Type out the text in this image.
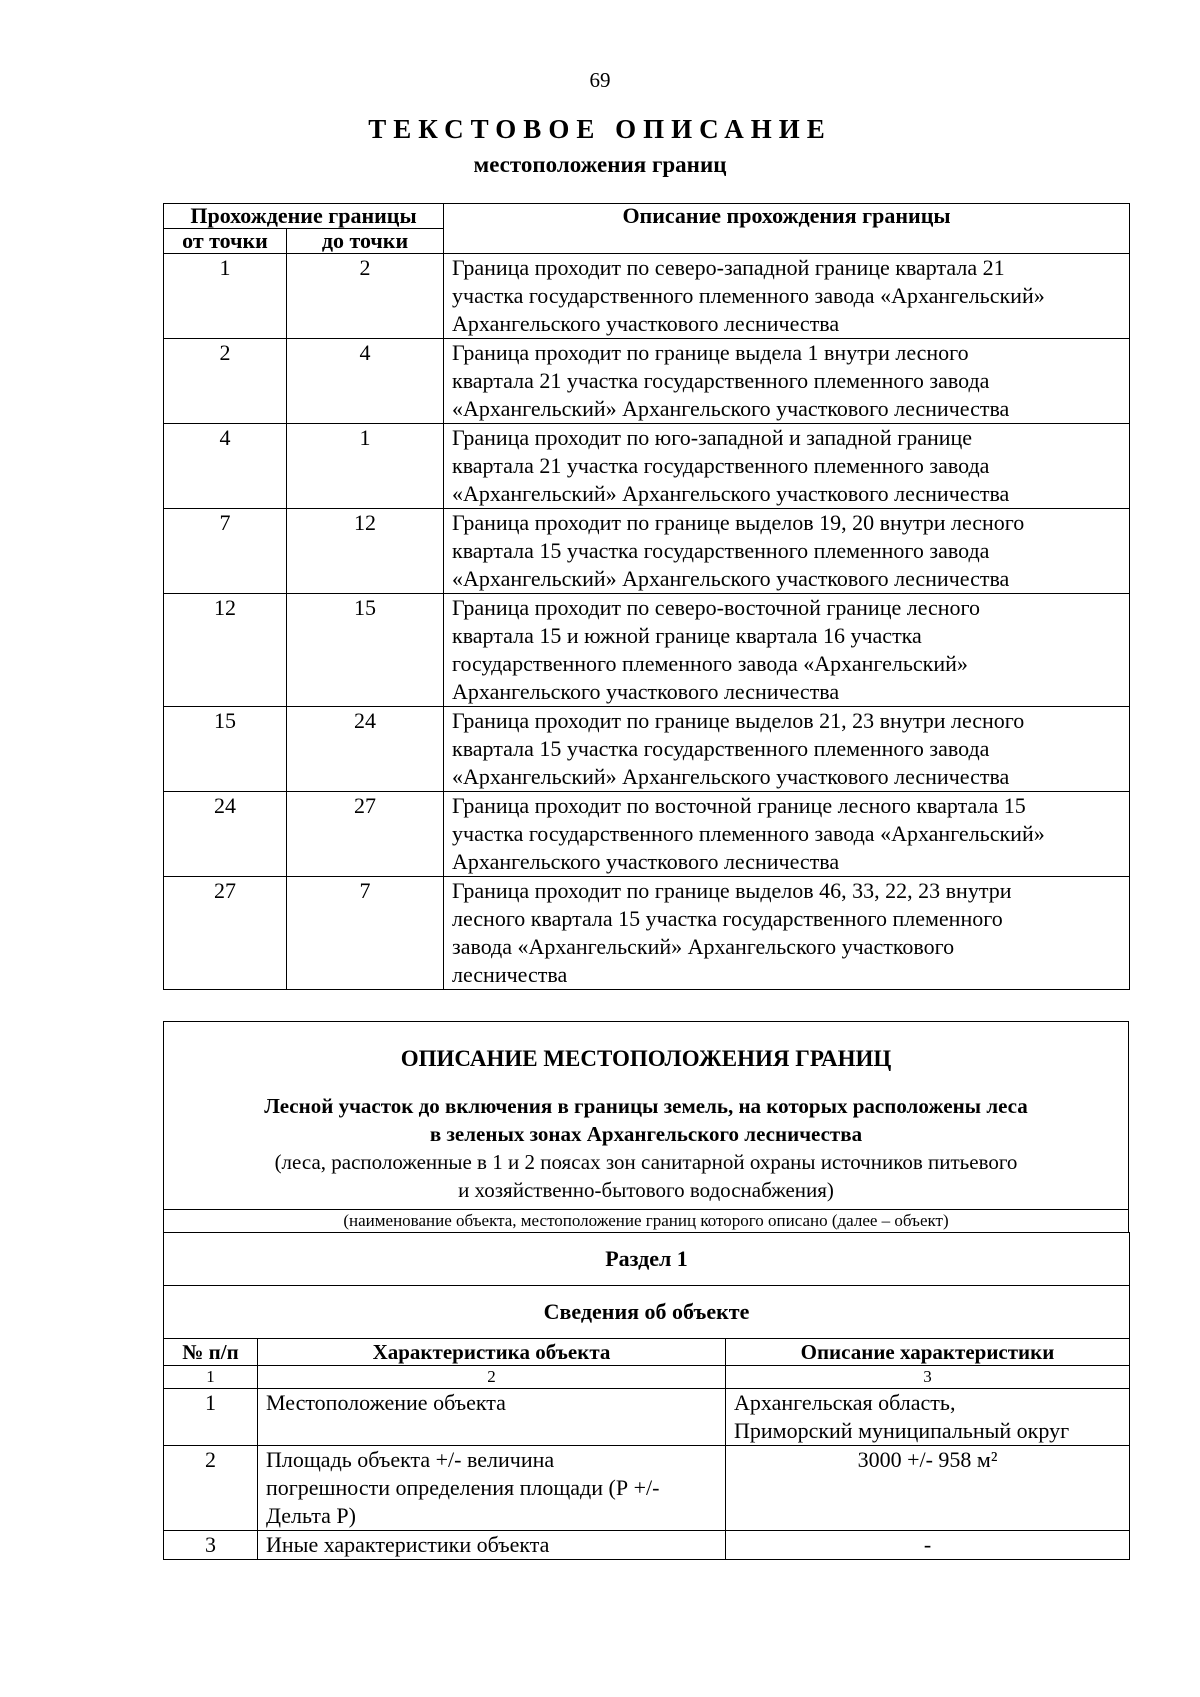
69
ТЕКСТОВОЕ ОПИСАНИЕ
местоположения границ
Прохождение границы		Описание прохождения границы
от точки	до точки	
1	2	Граница проходит по северо-западной границе квартала 21
участка государственного племенного завода «Архангельский»
Архангельского участкового лесничества

2	4	Граница проходит по границе выдела 1 внутри лесного
квартала 21 участка государственного племенного завода
«Архангельский» Архангельского участкового лесничества

4	1	Граница проходит по юго-западной и западной границе
квартала 21 участка государственного племенного завода
«Архангельский» Архангельского участкового лесничества

7	12	Граница проходит по границе выделов 19, 20 внутри лесного
квартала 15 участка государственного племенного завода
«Архангельский» Архангельского участкового лесничества

12	15	Граница проходит по северо-восточной границе лесного
квартала 15 и южной границе квартала 16 участка
государственного племенного завода «Архангельский»
Архангельского участкового лесничества

15	24	Граница проходит по границе выделов 21, 23 внутри лесного
квартала 15 участка государственного племенного завода
«Архангельский» Архангельского участкового лесничества

24	27	Граница проходит по восточной границе лесного квартала 15
участка государственного племенного завода «Архангельский»
Архангельского участкового лесничества

27	7	Граница проходит по границе выделов 46, 33, 22, 23 внутри
лесного квартала 15 участка государственного племенного
завода «Архангельский» Архангельского участкового
лесничества
ОПИСАНИЕ МЕСТОПОЛОЖЕНИЯ ГРАНИЦ
Лесной участок до включения в границы земель, на которых расположены леса
в зеленых зонах Архангельского лесничества
(леса, расположенные в 1 и 2 поясах зон санитарной охраны источников питьевого
и хозяйственно-бытового водоснабжения)
(наименование объекта, местоположение границ которого описано (далее – объект)
Раздел 1		
Сведения об объекте		
№ п/п	Характеристика объекта	Описание характеристики
1	2	3
1	Местоположение объекта	Архангельская область,
Приморский муниципальный округ

2	Площадь объекта +/- величина
погрешности определения площади (Р +/-
Дельта Р)	3000 +/- 958 м²

3	Иные характеристики объекта	-
